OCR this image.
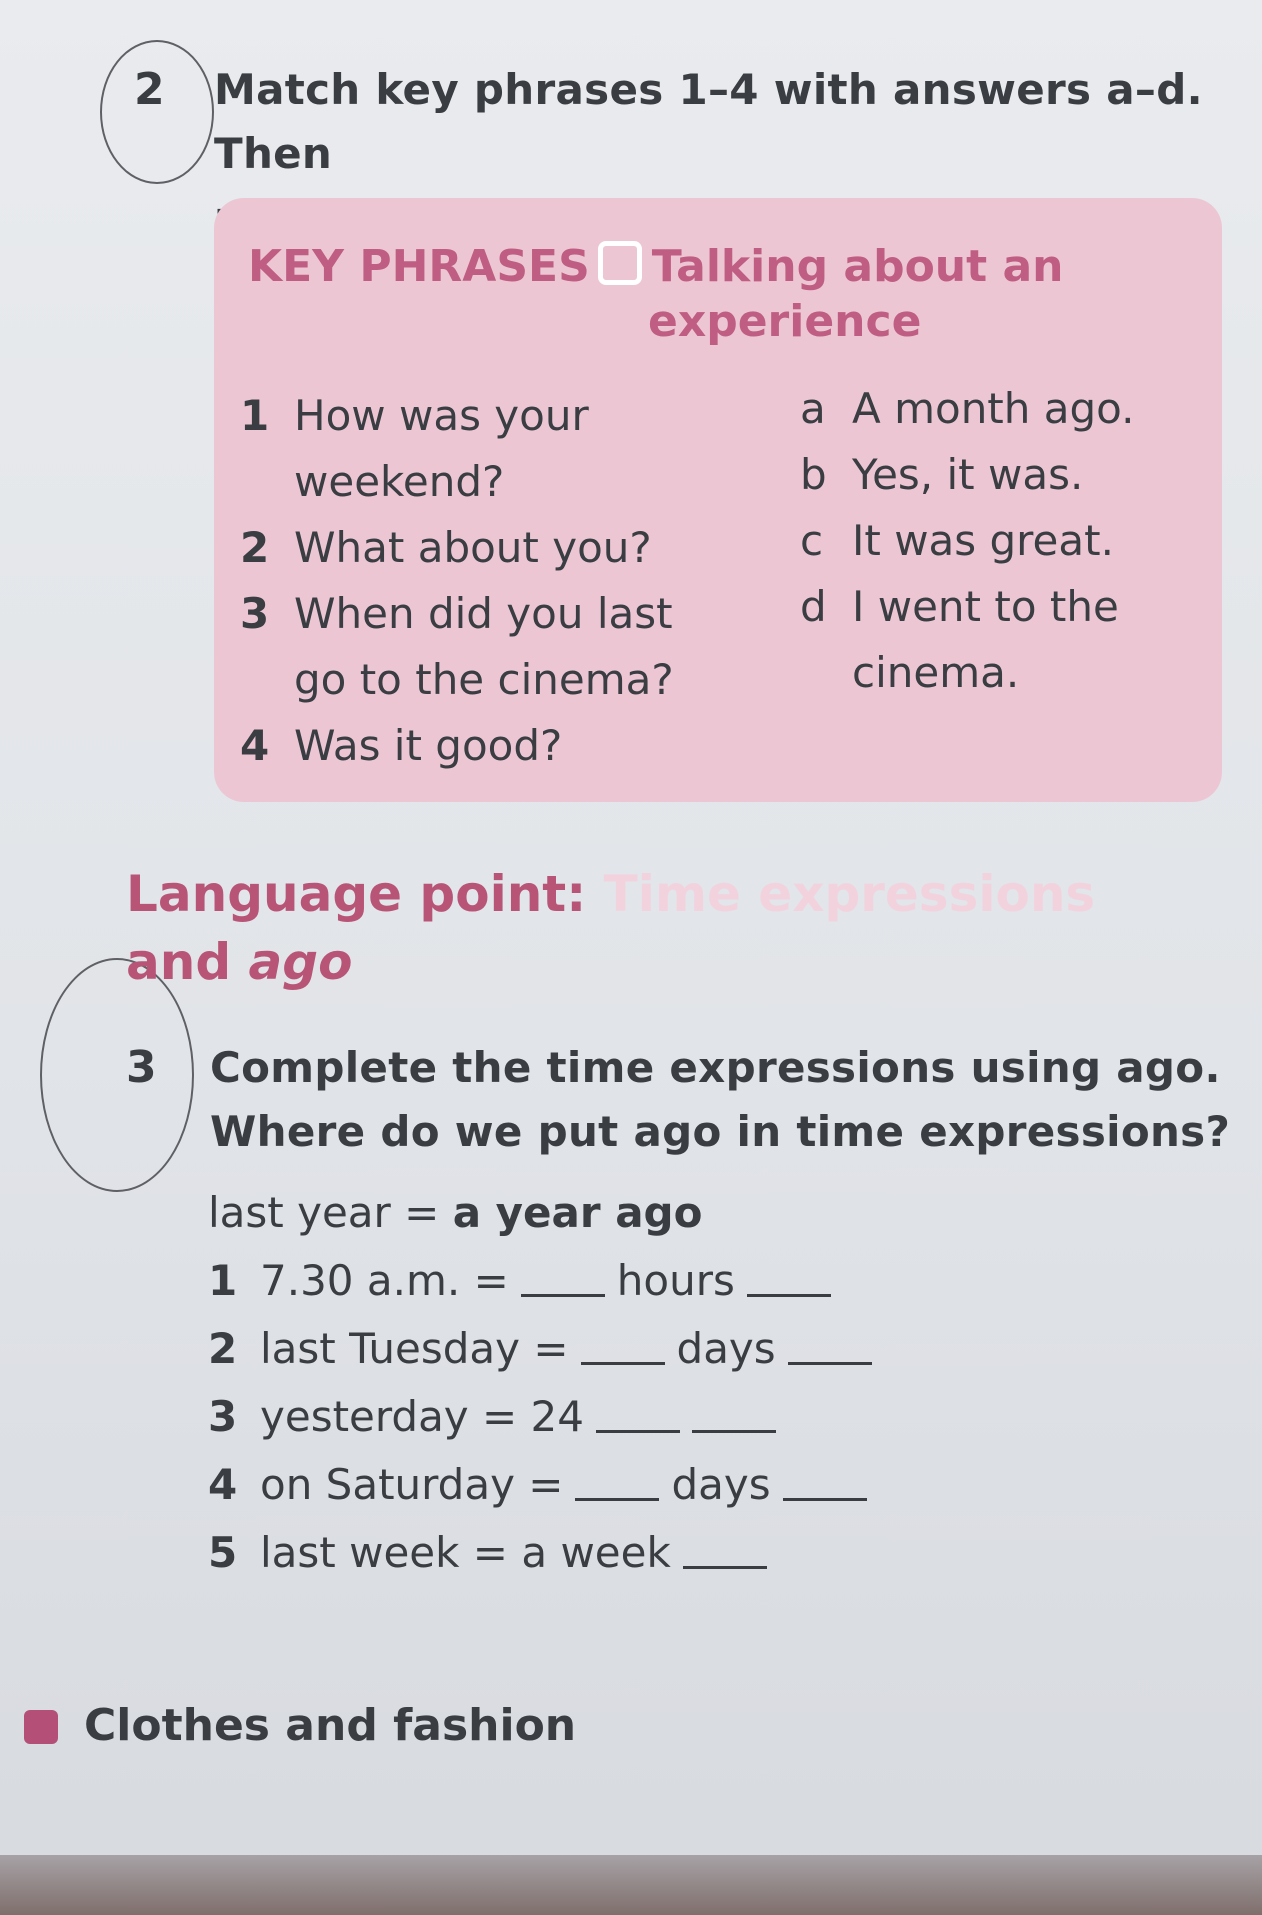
2 Match key phrases 1–4 with answers a–d. Then
KEY PHRASES Talking about an
experience
1 How was your
weekend?
2 What about you?
3 When did you last
go to the cinema?
4 Was it good?
a A month ago.
b Yes, it was.
c It was great.
d I went to the
cinema.
Language point: Time expressions
and ago
3 Complete the time expressions using ago.
Where do we put ago in time expressions?
last year = a year ago
1 7.30 a.m. =	hours
2 last Tuesday =	days
3 yesterday = 24
4 on Saturday =	days
5 last week = a week
Clothes and fashion
